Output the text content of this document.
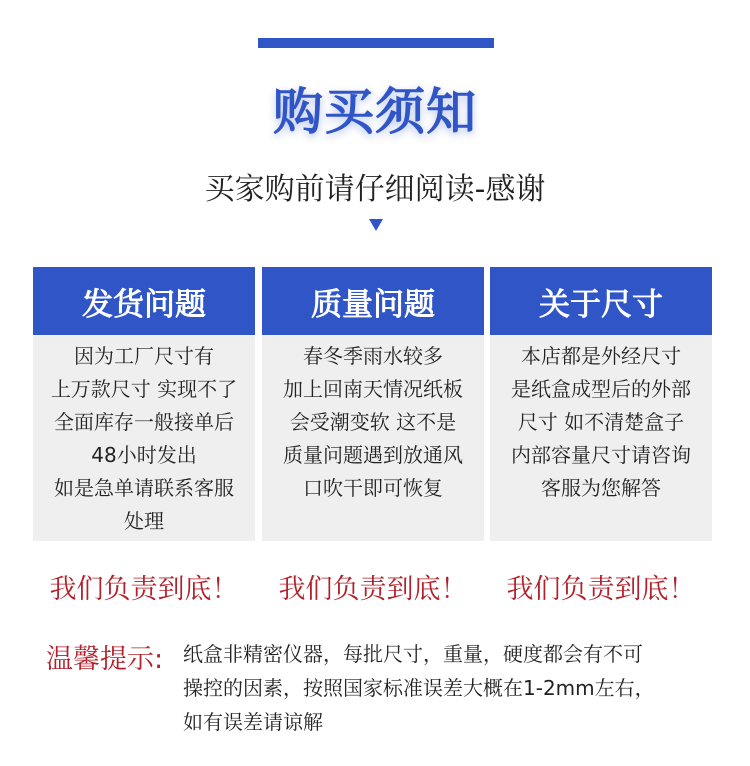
购买须知
买家购前请仔细阅读-感谢
发货问题
因为工厂尺寸有
上万款尺寸 实现不了
全面库存一般接单后
48小时发出
如是急单请联系客服
处理
质量问题
春冬季雨水较多
加上回南天情况纸板
会受潮变软 这不是
质量问题遇到放通风
口吹干即可恢复
关于尺寸
本店都是外经尺寸
是纸盒成型后的外部
尺寸 如不清楚盒子
内部容量尺寸请咨询
客服为您解答
我们负责到底！	我们负责到底！	我们负责到底！
温馨提示: 纸盒非精密仪器，每批尺寸，重量，硬度都会有不可
操控的因素，按照国家标准误差大概在1-2mm左右，
如有误差请谅解
